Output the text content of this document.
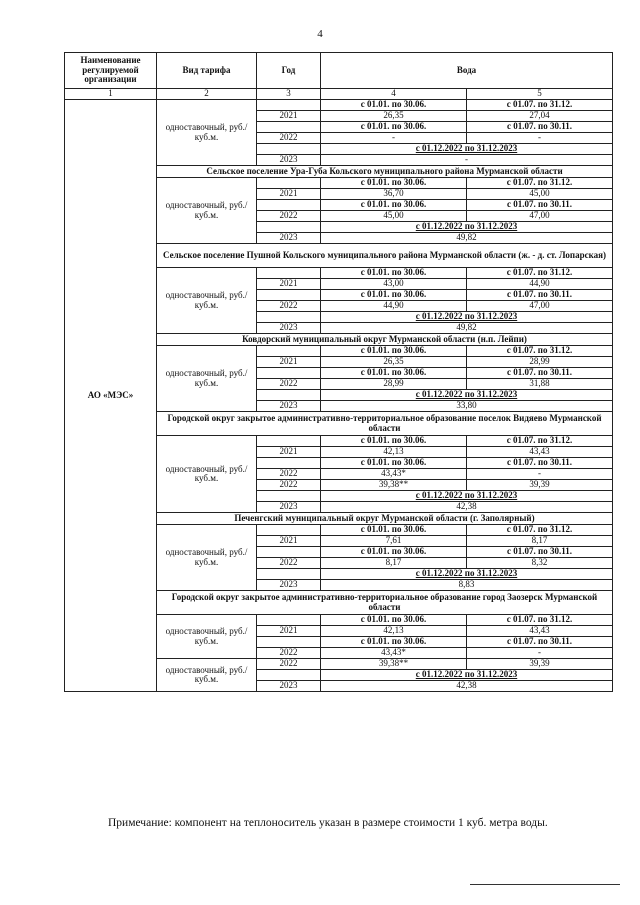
4
Наименование регулируемой организации	Вид тарифа	Год	Вода	
1	2	3	4	5
АО «МЭС»	одноставочный, руб./куб.м.		с 01.01. по 30.06.	с 01.07. по 31.12.
		2021	26,35	27,04
			с 01.01. по 30.06.	с 01.07. по 30.11.
		2022	-	-
			с 01.12.2022 по 31.12.2023	
		2023	-	
	Сельское поселение Ура-Губа Кольского муниципального района Мурманской области			
	одноставочный, руб./куб.м.		с 01.01. по 30.06.	с 01.07. по 31.12.
		2021	36,70	45,00
			с 01.01. по 30.06.	с 01.07. по 30.11.
		2022	45,00	47,00
			с 01.12.2022 по 31.12.2023	
		2023	49,82	
	Сельское поселение Пушной Кольского муниципального района Мурманской области (ж. - д. ст. Лопарская)			
	одноставочный, руб./куб.м.		с 01.01. по 30.06.	с 01.07. по 31.12.
		2021	43,00	44,90
			с 01.01. по 30.06.	с 01.07. по 30.11.
		2022	44,90	47,00
			с 01.12.2022 по 31.12.2023	
		2023	49,82	
	Ковдорский муниципальный округ Мурманской области (н.п. Лейпи)			
	одноставочный, руб./куб.м.		с 01.01. по 30.06.	с 01.07. по 31.12.
		2021	26,35	28,99
			с 01.01. по 30.06.	с 01.07. по 30.11.
		2022	28,99	31,88
			с 01.12.2022 по 31.12.2023	
		2023	33,80	
	Городской округ закрытое административно-территориальное образование поселок Видяево Мурманской области			
	одноставочный, руб./куб.м.		с 01.01. по 30.06.	с 01.07. по 31.12.
		2021	42,13	43,43
			с 01.01. по 30.06.	с 01.07. по 30.11.
		2022	43,43*	-
		2022	39,38**	39,39
			с 01.12.2022 по 31.12.2023	
		2023	42,38	
	Печенгский муниципальный округ Мурманской области (г. Заполярный)			
	одноставочный, руб./куб.м.		с 01.01. по 30.06.	с 01.07. по 31.12.
		2021	7,61	8,17
			с 01.01. по 30.06.	с 01.07. по 30.11.
		2022	8,17	8,32
			с 01.12.2022 по 31.12.2023	
		2023	8,83	
	Городской округ закрытое административно-территориальное образование город Заозерск Мурманской области			
	одноставочный, руб./куб.м.		с 01.01. по 30.06.	с 01.07. по 31.12.
		2021	42,13	43,43
			с 01.01. по 30.06.	с 01.07. по 30.11.
		2022	43,43*	-
	одноставочный, руб./куб.м.	2022	39,38**	39,39
			с 01.12.2022 по 31.12.2023	
		2023	42,38	
Примечание: компонент на теплоноситель указан в размере стоимости 1 куб. метра воды.
